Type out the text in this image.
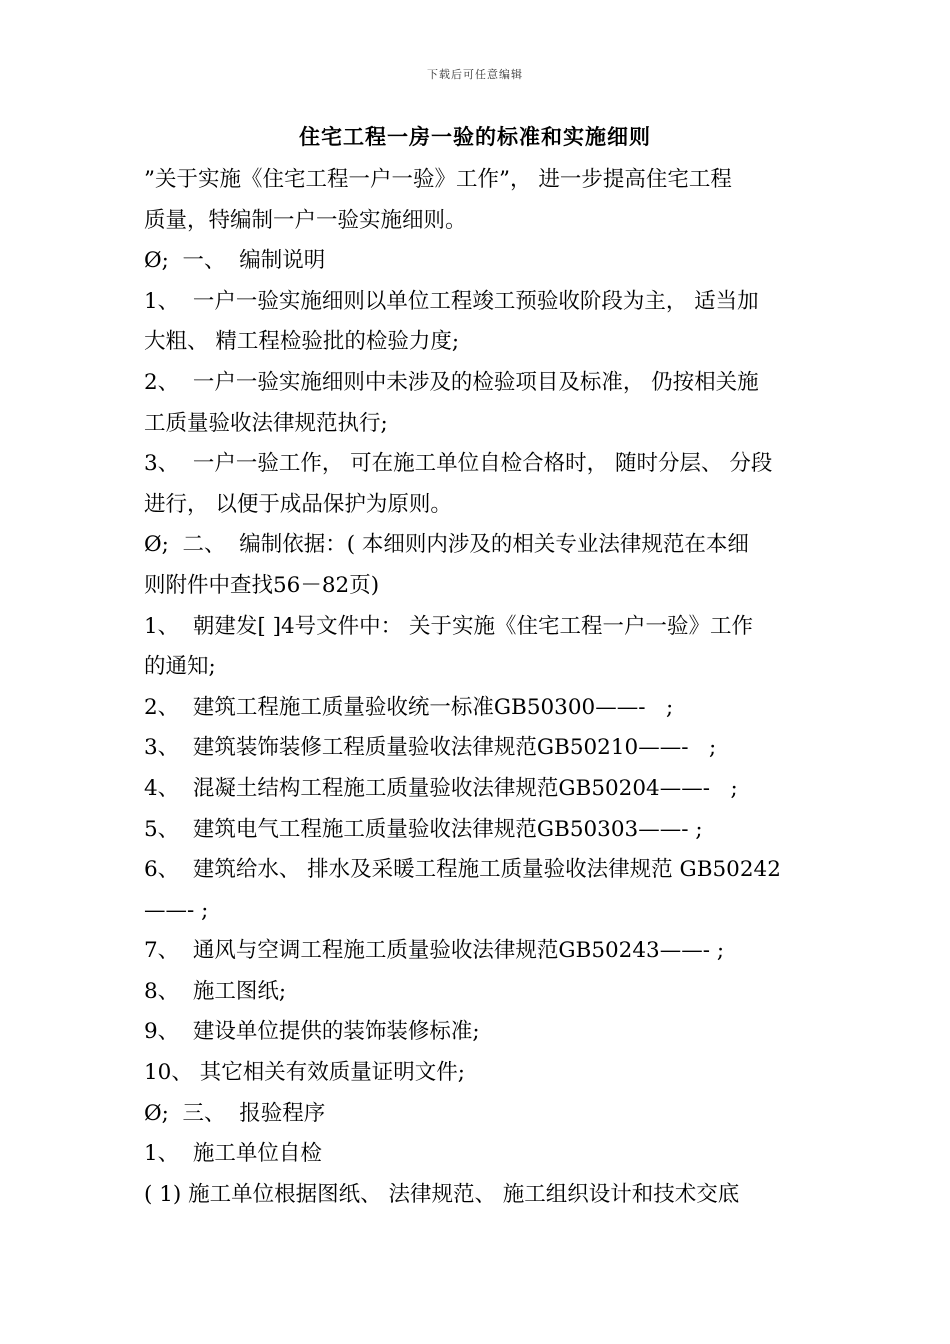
下载后可任意编辑
住宅工程一房一验的标准和实施细则
”关于实施《住宅工程一户一验》工作”， 进一步提高住宅工程
质量，特编制一户一验实施细则。
Ø;  一、  编制说明
1、  一户一验实施细则以单位工程竣工预验收阶段为主， 适当加
大粗、 精工程检验批的检验力度;
2、  一户一验实施细则中未涉及的检验项目及标准， 仍按相关施
工质量验收法律规范执行;
3、  一户一验工作， 可在施工单位自检合格时， 随时分层、 分段
进行， 以便于成品保护为原则。
Ø;  二、  编制依据：( 本细则内涉及的相关专业法律规范在本细
则附件中查找56－82页)
1、  朝建发[ ]4号文件中： 关于实施《住宅工程一户一验》工作
的通知;
2、  建筑工程施工质量验收统一标准GB50300——-   ;
3、  建筑装饰装修工程质量验收法律规范GB50210——-   ;
4、  混凝土结构工程施工质量验收法律规范GB50204——-   ;
5、  建筑电气工程施工质量验收法律规范GB50303——- ;
6、  建筑给水、 排水及采暖工程施工质量验收法律规范 GB50242
——- ;
7、  通风与空调工程施工质量验收法律规范GB50243——- ;
8、  施工图纸;
9、  建设单位提供的装饰装修标准;
10、 其它相关有效质量证明文件;
Ø;  三、  报验程序
1、  施工单位自检
( 1) 施工单位根据图纸、 法律规范、 施工组织设计和技术交底
